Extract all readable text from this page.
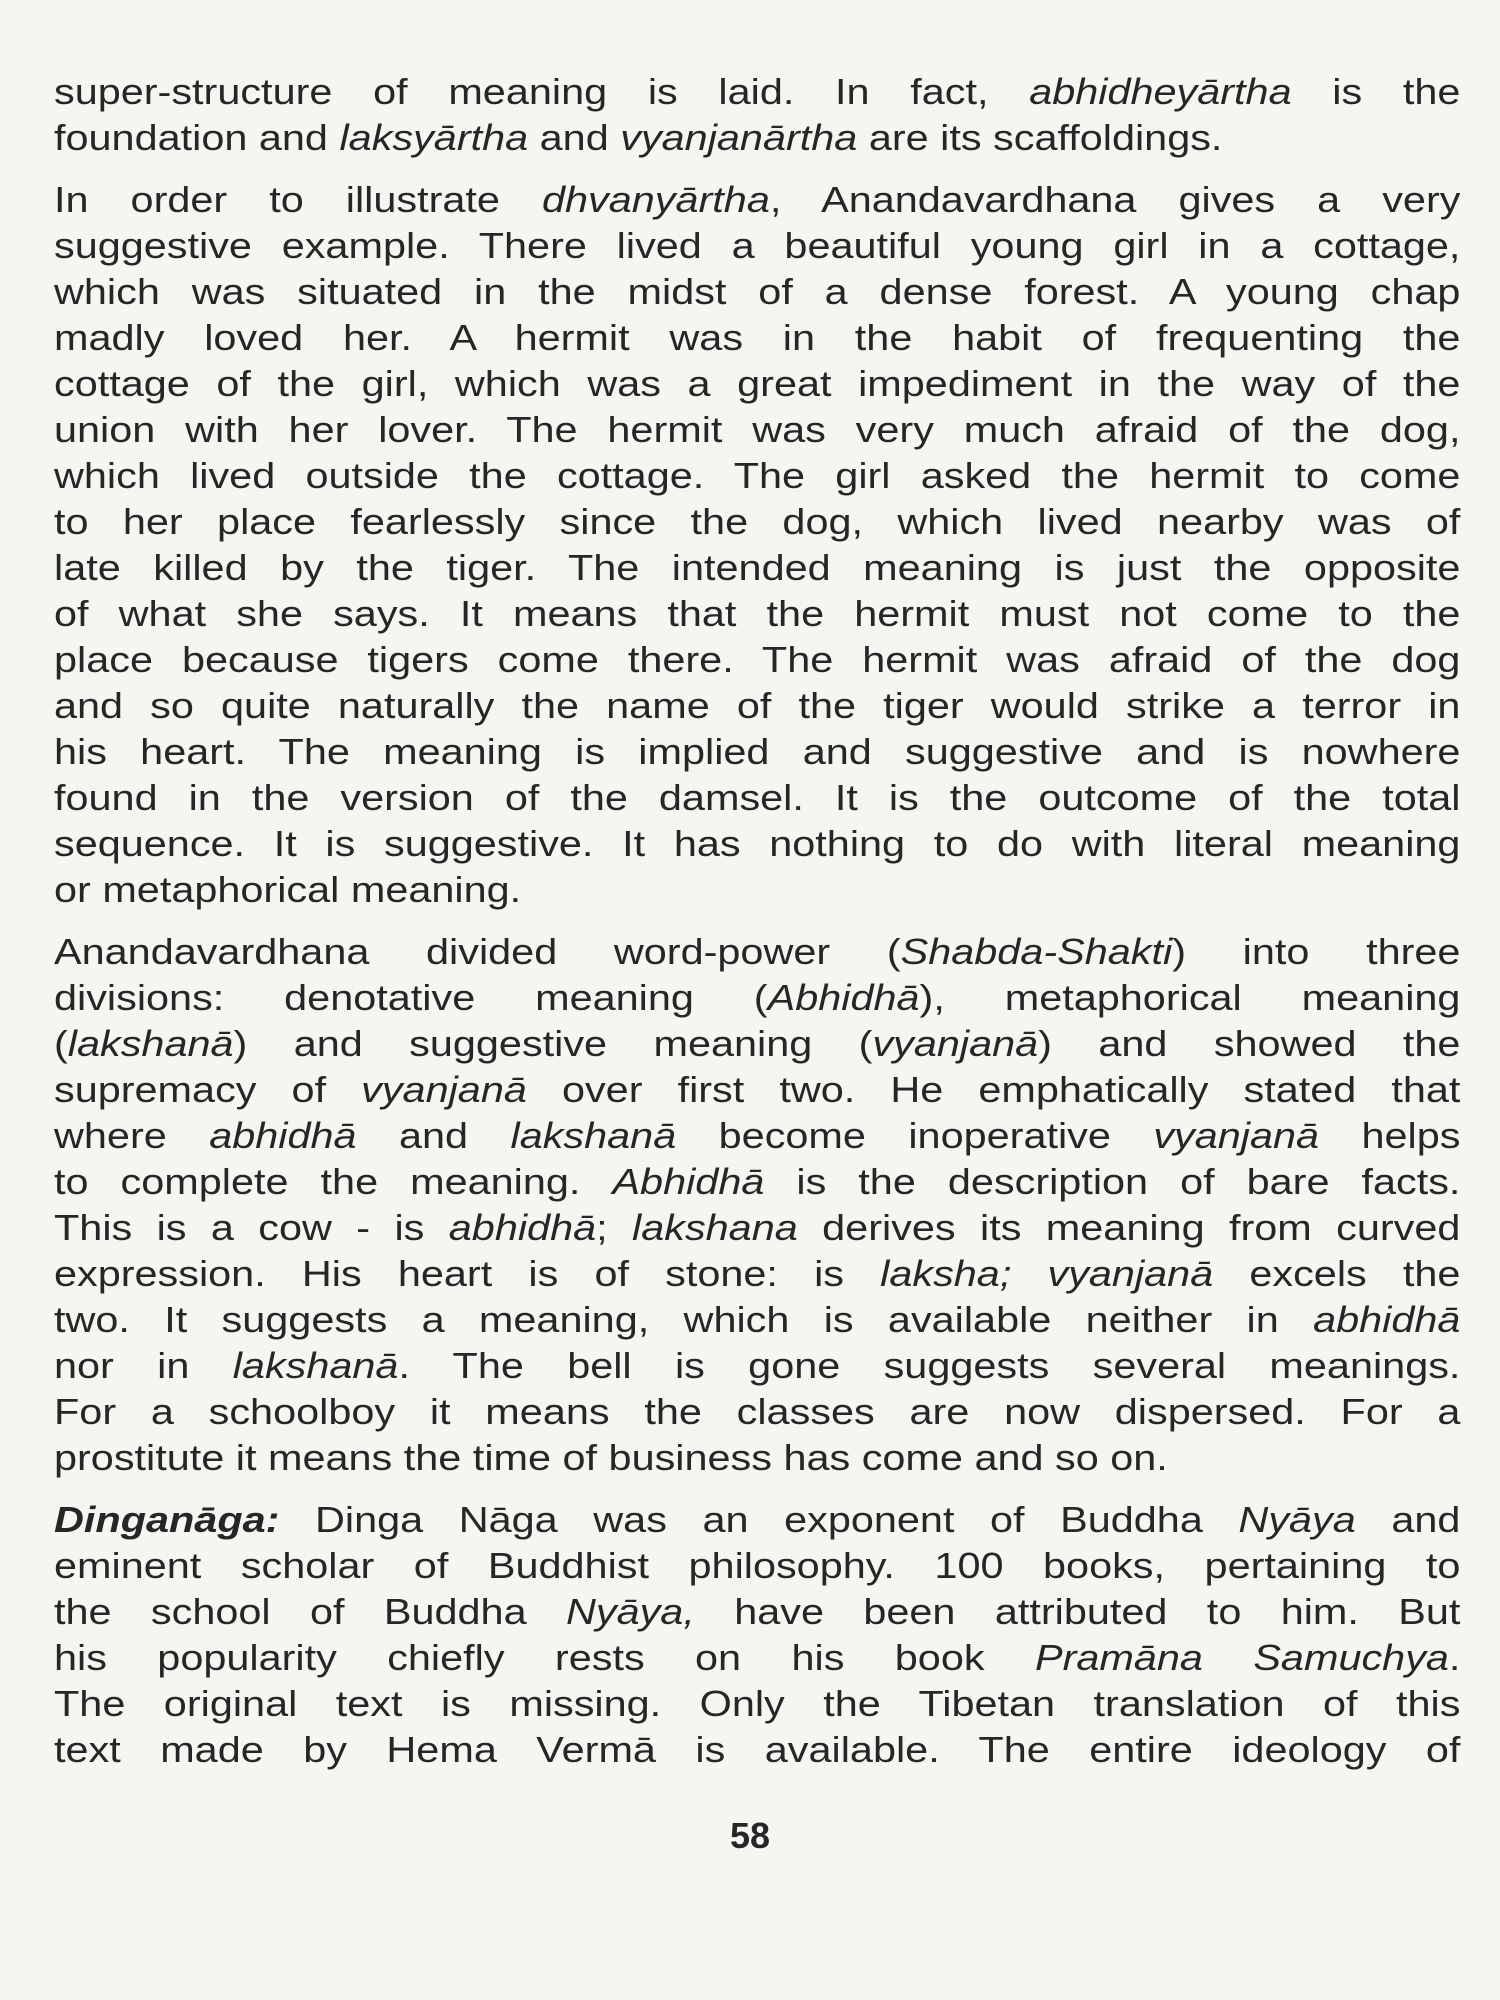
super-structure of meaning is laid. In fact, abhidheyārtha is the
foundation and laksyārtha and vyanjanārtha are its scaffoldings.
In order to illustrate dhvanyārtha, Anandavardhana gives a very
suggestive example. There lived a beautiful young girl in a cottage,
which was situated in the midst of a dense forest. A young chap
madly loved her. A hermit was in the habit of frequenting the
cottage of the girl, which was a great impediment in the way of the
union with her lover. The hermit was very much afraid of the dog,
which lived outside the cottage. The girl asked the hermit to come
to her place fearlessly since the dog, which lived nearby was of
late killed by the tiger. The intended meaning is just the opposite
of what she says. It means that the hermit must not come to the
place because tigers come there. The hermit was afraid of the dog
and so quite naturally the name of the tiger would strike a terror in
his heart. The meaning is implied and suggestive and is nowhere
found in the version of the damsel. It is the outcome of the total
sequence. It is suggestive. It has nothing to do with literal meaning
or metaphorical meaning.
Anandavardhana divided word-power (Shabda-Shakti) into three
divisions: denotative meaning (Abhidhā), metaphorical meaning
(lakshanā) and suggestive meaning (vyanjanā) and showed the
supremacy of vyanjanā over first two. He emphatically stated that
where abhidhā and lakshanā become inoperative vyanjanā helps
to complete the meaning. Abhidhā is the description of bare facts.
This is a cow - is abhidhā; lakshana derives its meaning from curved
expression. His heart is of stone: is laksha; vyanjanā excels the
two. It suggests a meaning, which is available neither in abhidhā
nor in lakshanā. The bell is gone suggests several meanings.
For a schoolboy it means the classes are now dispersed. For a
prostitute it means the time of business has come and so on.
Dinganāga: Dinga Nāga was an exponent of Buddha Nyāya and
eminent scholar of Buddhist philosophy. 100 books, pertaining to
the school of Buddha Nyāya, have been attributed to him. But
his popularity chiefly rests on his book Pramāna Samuchya.
The original text is missing. Only the Tibetan translation of this
text made by Hema Vermā is available. The entire ideology of
58
